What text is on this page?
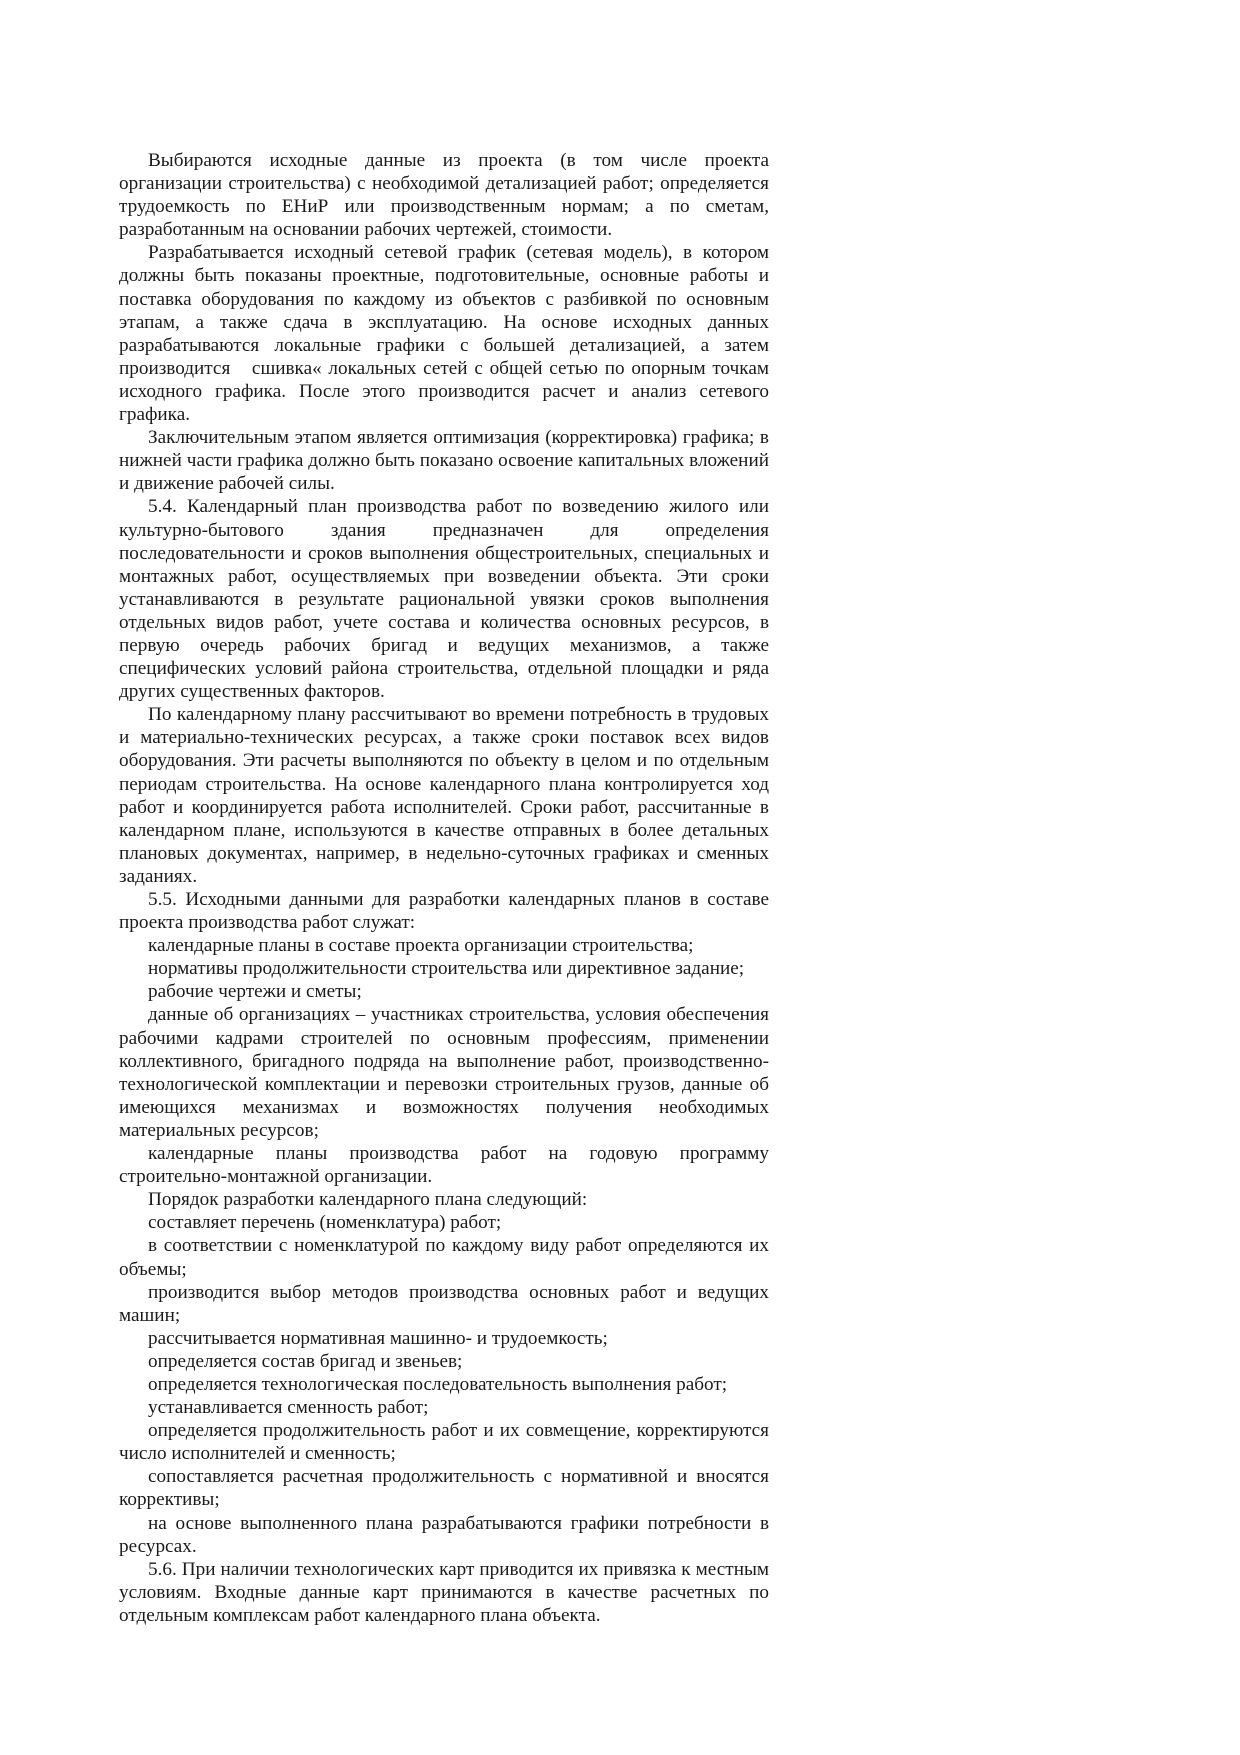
Выбираются исходные данные из проекта (в том числе проекта организации строительства) с необходимой детализацией работ; определяется трудоемкость по ЕНиР или производственным нормам; а по сметам, разработанным на основании рабочих чертежей, стоимости.

Разрабатывается исходный сетевой график (сетевая модель), в котором должны быть показаны проектные, подготовительные, основные работы и поставка оборудования по каждому из объектов с разбивкой по основным этапам, а также сдача в эксплуатацию. На основе исходных данных разрабатываются локальные графики с большей детализацией, а затем производится сшивка« локальных сетей с общей сетью по опорным точкам исходного графика. После этого производится расчет и анализ сетевого графика.

Заключительным этапом является оптимизация (корректировка) графика; в нижней части графика должно быть показано освоение капитальных вложений и движение рабочей силы.

5.4. Календарный план производства работ по возведению жилого или культурно-бытового здания предназначен для определения последовательности и сроков выполнения общестроительных, специальных и монтажных работ, осуществляемых при возведении объекта. Эти сроки устанавливаются в результате рациональной увязки сроков выполнения отдельных видов работ, учете состава и количества основных ресурсов, в первую очередь рабочих бригад и ведущих механизмов, а также специфических условий района строительства, отдельной площадки и ряда других существенных факторов.

По календарному плану рассчитывают во времени потребность в трудовых и материально-технических ресурсах, а также сроки поставок всех видов оборудования. Эти расчеты выполняются по объекту в целом и по отдельным периодам строительства. На основе календарного плана контролируется ход работ и координируется работа исполнителей. Сроки работ, рассчитанные в календарном плане, используются в качестве отправных в более детальных плановых документах, например, в недельно-суточных графиках и сменных заданиях.

5.5. Исходными данными для разработки календарных планов в составе проекта производства работ служат:

календарные планы в составе проекта организации строительства;

нормативы продолжительности строительства или директивное задание;

рабочие чертежи и сметы;

данные об организациях – участниках строительства, условия обеспечения рабочими кадрами строителей по основным профессиям, применении коллективного, бригадного подряда на выполнение работ, производственно-технологической комплектации и перевозки строительных грузов, данные об имеющихся механизмах и возможностях получения необходимых материальных ресурсов;

календарные планы производства работ на годовую программу строительно-монтажной организации.

Порядок разработки календарного плана следующий:

составляет перечень (номенклатура) работ;

в соответствии с номенклатурой по каждому виду работ определяются их объемы;

производится выбор методов производства основных работ и ведущих машин;

рассчитывается нормативная машинно- и трудоемкость;

определяется состав бригад и звеньев;

определяется технологическая последовательность выполнения работ;

устанавливается сменность работ;

определяется продолжительность работ и их совмещение, корректируются число исполнителей и сменность;

сопоставляется расчетная продолжительность с нормативной и вносятся коррективы;

на основе выполненного плана разрабатываются графики потребности в ресурсах.

5.6. При наличии технологических карт приводится их привязка к местным условиям. Входные данные карт принимаются в качестве расчетных по отдельным комплексам работ календарного плана объекта.
